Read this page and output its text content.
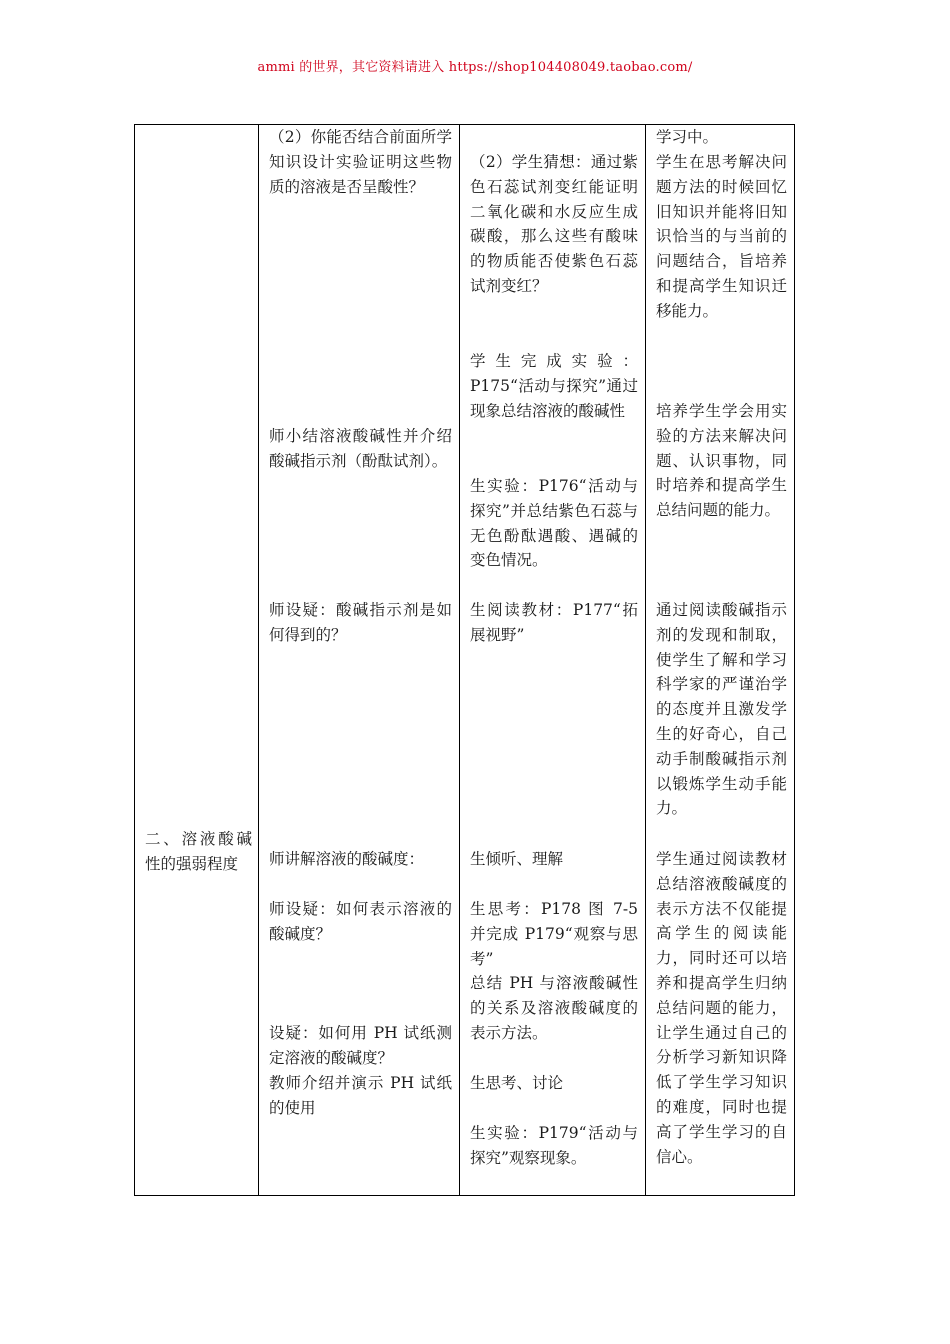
ammi 的世界，其它资料请进入 https://shop104408049.taobao.com/

二、溶液酸碱性的强弱程度

（2）你能否结合前面所学知识设计实验证明这些物质的溶液是否呈酸性？

师小结溶液酸碱性并介绍酸碱指示剂（酚酞试剂）。

师设疑：酸碱指示剂是如何得到的？

师讲解溶液的酸碱度：

师设疑：如何表示溶液的酸碱度？

设疑：如何用 PH 试纸测定溶液的酸碱度？

教师介绍并演示 PH 试纸的使用

（2）学生猜想：通过紫色石蕊试剂变红能证明二氧化碳和水反应生成碳酸，那么这些有酸味的物质能否使紫色石蕊试剂变红？

学生完成实验：P175“活动与探究”通过现象总结溶液的酸碱性

生实验：P176“活动与探究”并总结紫色石蕊与无色酚酞遇酸、遇碱的变色情况。

生阅读教材：P177“拓展视野”

生倾听、理解

生思考：P178 图 7-5 并完成 P179“观察与思考”

总结 PH 与溶液酸碱性的关系及溶液酸碱度的表示方法。

生思考、讨论

生实验：P179“活动与探究”观察现象。

学习中。

学生在思考解决问题方法的时候回忆旧知识并能将旧知识恰当的与当前的问题结合，旨培养和提高学生知识迁移能力。

培养学生学会用实验的方法来解决问题、认识事物，同时培养和提高学生总结问题的能力。

通过阅读酸碱指示剂的发现和制取，使学生了解和学习科学家的严谨治学的态度并且激发学生的好奇心，自己动手制酸碱指示剂以锻炼学生动手能力。

学生通过阅读教材总结溶液酸碱度的表示方法不仅能提高学生的阅读能力，同时还可以培养和提高学生归纳总结问题的能力，让学生通过自己的分析学习新知识降低了学生学习知识的难度，同时也提高了学生学习的自信心。
